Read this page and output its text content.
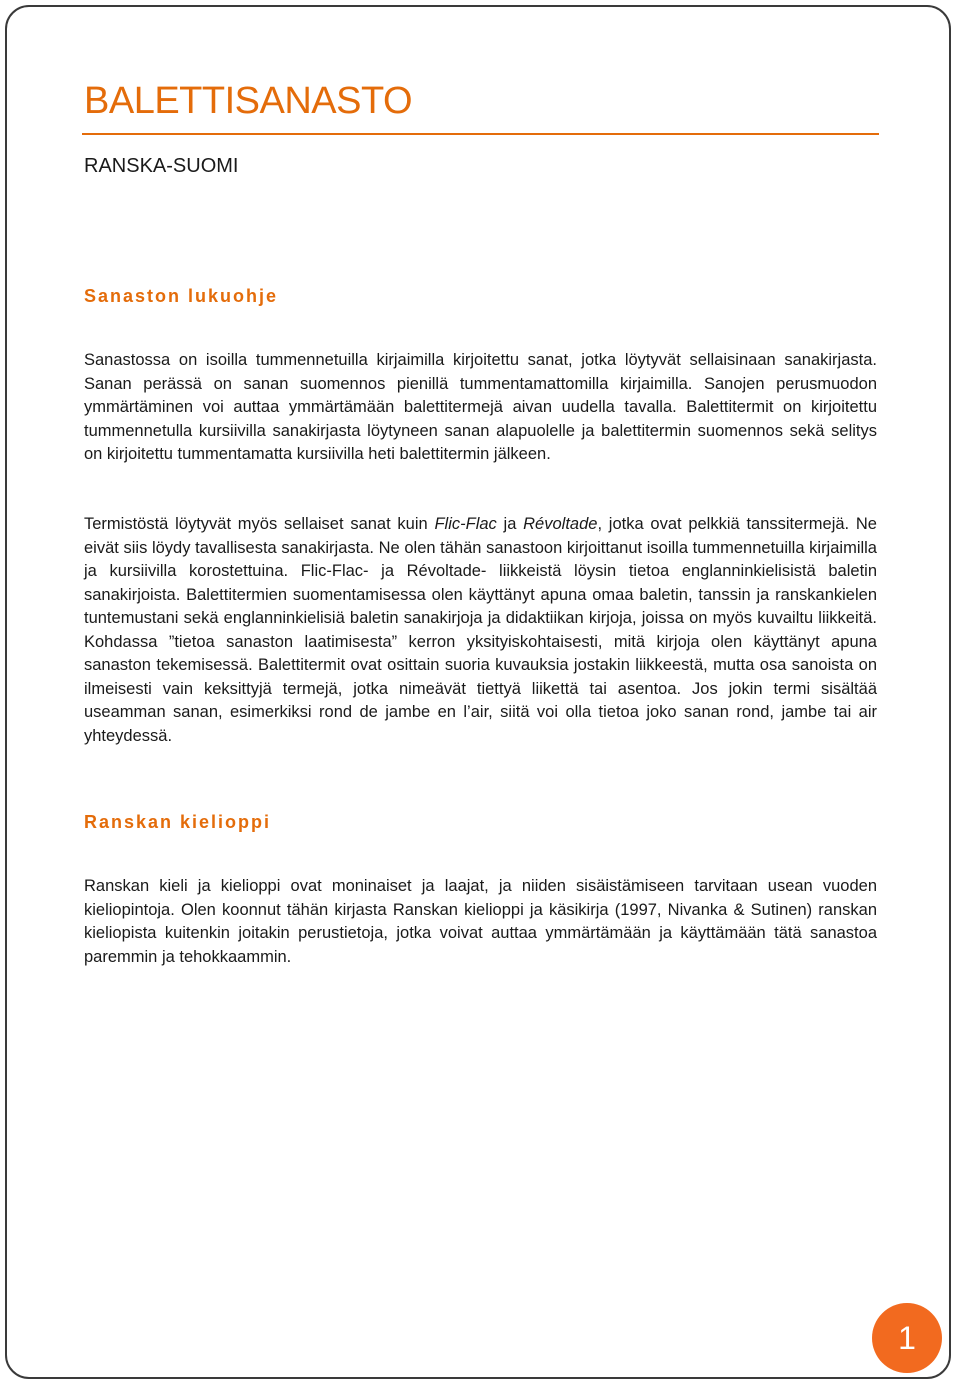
BALETTISANASTO
RANSKA-SUOMI
Sanaston lukuohje

Sanastossa on isoilla tummennetuilla kirjaimilla kirjoitettu sanat, jotka löytyvät sellaisinaan sanakirjasta. Sanan perässä on sanan suomennos pienillä tummentamattomilla kirjaimilla. Sanojen perusmuodon ymmärtäminen voi auttaa ymmärtämään balettitermejä aivan uudella tavalla. Balettitermit on kirjoitettu tummennetulla kursiivilla sanakirjasta löytyneen sanan alapuolelle ja balettitermin suomennos sekä selitys on kirjoitettu tummentamatta kursiivilla heti balettitermin jälkeen.

Termistöstä löytyvät myös sellaiset sanat kuin Flic-Flac ja Révoltade, jotka ovat pelkkiä tanssitermejä. Ne eivät siis löydy tavallisesta sanakirjasta. Ne olen tähän sanastoon kirjoittanut isoilla tummennetuilla kirjaimilla ja kursiivilla korostettuina. Flic-Flac- ja Révoltade- liikkeistä löysin tietoa englanninkielisistä baletin sanakirjoista. Balettitermien suomentamisessa olen käyttänyt apuna omaa baletin, tanssin ja ranskankielen tuntemustani sekä englanninkielisiä baletin sanakirjoja ja didaktiikan kirjoja, joissa on myös kuvailtu liikkeitä. Kohdassa ”tietoa sanaston laatimisesta” kerron yksityiskohtaisesti, mitä kirjoja olen käyttänyt apuna sanaston tekemisessä. Balettitermit ovat osittain suoria kuvauksia jostakin liikkeestä, mutta osa sanoista on ilmeisesti vain keksittyjä termejä, jotka nimeävät tiettyä liikettä tai asentoa. Jos jokin termi sisältää useamman sanan, esimerkiksi rond de jambe en l’air, siitä voi olla tietoa joko sanan rond, jambe tai air yhteydessä.

Ranskan kielioppi

Ranskan kieli ja kielioppi ovat moninaiset ja laajat, ja niiden sisäistämiseen tarvitaan usean vuoden kieliopintoja. Olen koonnut tähän kirjasta Ranskan kielioppi ja käsikirja (1997, Nivanka & Sutinen) ranskan kieliopista kuitenkin joitakin perustietoja, jotka voivat auttaa ymmärtämään ja käyttämään tätä sanastoa paremmin ja tehokkaammin.

1
